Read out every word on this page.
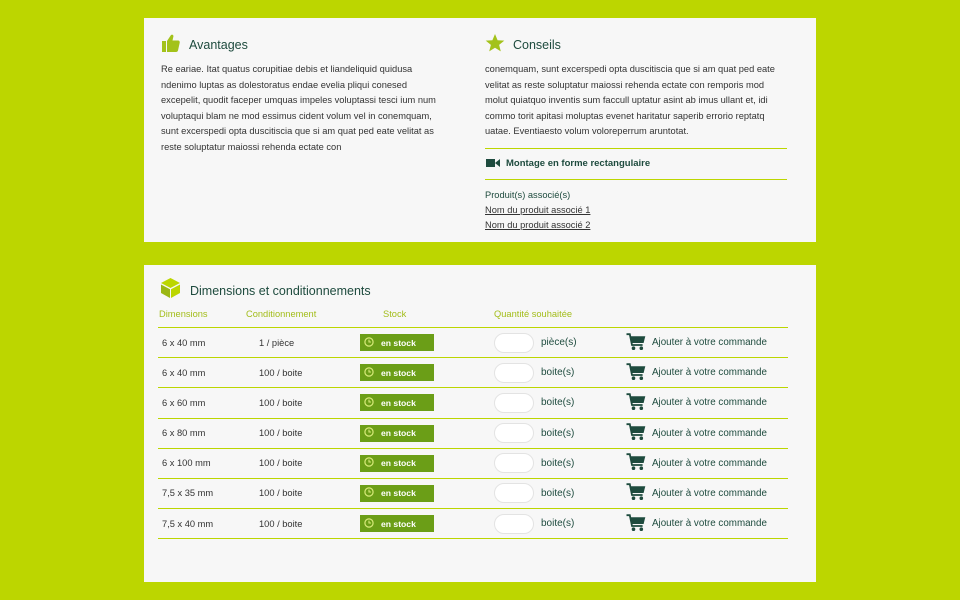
Avantages

Re eariae. Itat quatus corupitiae debis et liandeliquid quidusa ndenimo luptas as dolestoratus endae evelia pliqui conesed excepelit, quodit faceper umquas impeles voluptassi tesci ium num voluptaqui blam ne mod essimus cident volum vel in conemquam, sunt excerspedi opta duscitiscia que si am quat ped eate velitat as reste soluptatur maiossi rehenda ectate con

Conseils

conemquam, sunt excerspedi opta duscitiscia que si am quat ped eate velitat as reste soluptatur maiossi rehenda ectate con remporis mod molut quiatquo inventis sum faccull uptatur asint ab imus ullant et, idi commo torit apitasi moluptas evenet haritatur saperib errorio reptatq uatae. Eventiaesto volum voloreperrum aruntotat.

Montage en forme rectangulaire
Produit(s) associé(s)
Nom du produit associé 1
Nom du produit associé 2
Dimensions et conditionnements
Dimensions	Conditionnement	Stock	Quantité souhaitée
6 x 40 mm	1 / pièce	en stock	pièce(s)	Ajouter à votre commande
6 x 40 mm	100 / boite	en stock	boite(s)	Ajouter à votre commande
6 x 60 mm	100 / boite	en stock	boite(s)	Ajouter à votre commande
6 x 80 mm	100 / boite	en stock	boite(s)	Ajouter à votre commande
6 x 100 mm	100 / boite	en stock	boite(s)	Ajouter à votre commande
7,5 x 35 mm	100 / boite	en stock	boite(s)	Ajouter à votre commande
7,5 x 40 mm	100 / boite	en stock	boite(s)	Ajouter à votre commande
